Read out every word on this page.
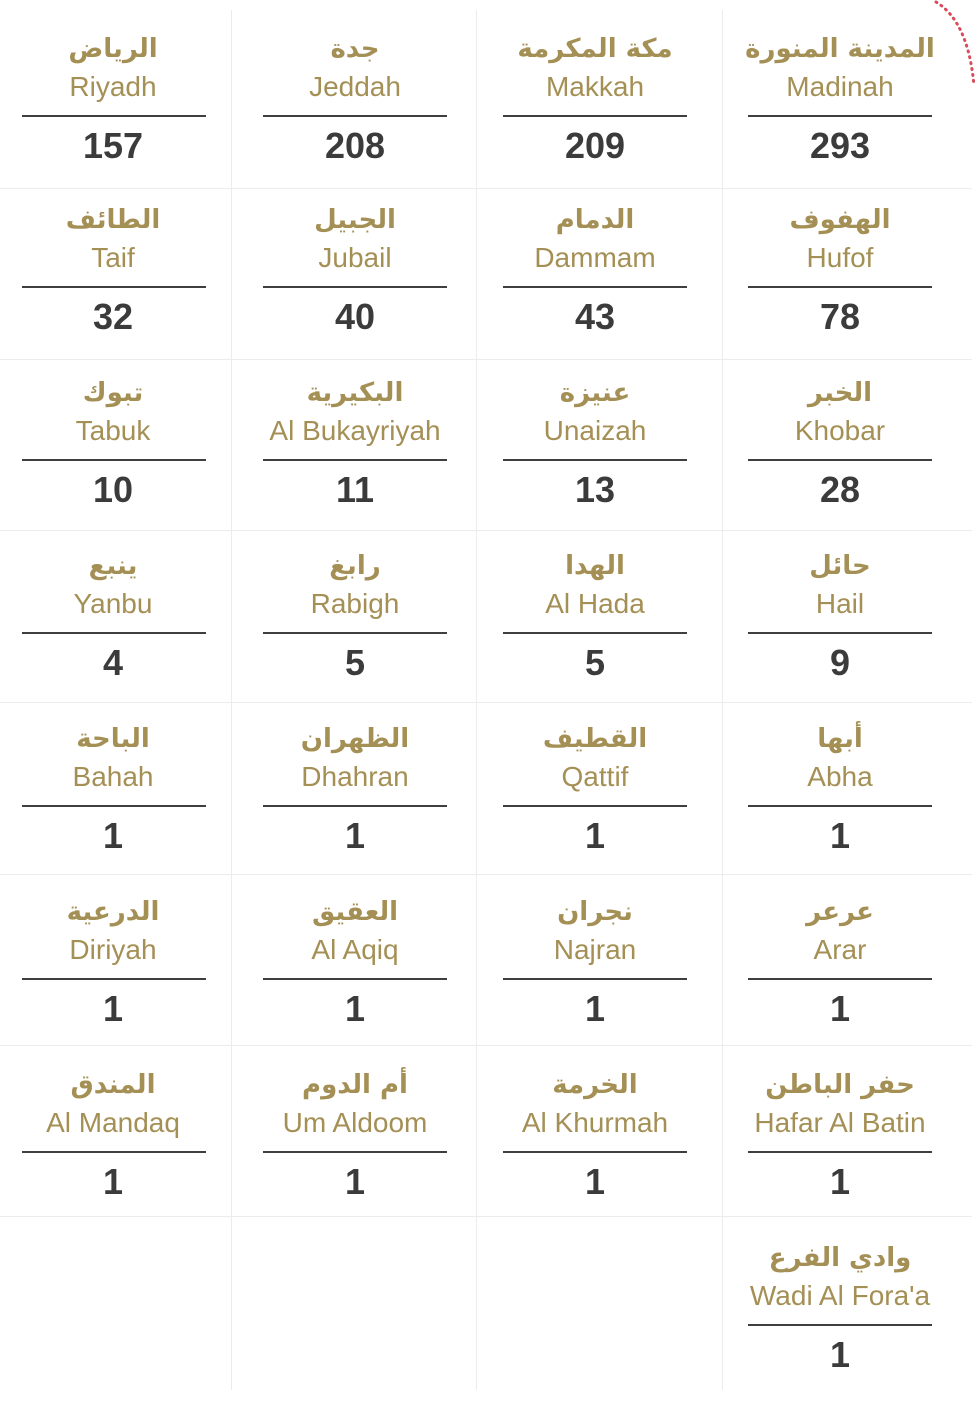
المدينة المنورة
Madinah
293
مكة المكرمة
Makkah
209
جدة
Jeddah
208
الرياض
Riyadh
157
الهفوف
Hufof
78
الدمام
Dammam
43
الجبيل
Jubail
40
الطائف
Taif
32
الخبر
Khobar
28
عنيزة
Unaizah
13
البكيرية
Al Bukayriyah
11
تبوك
Tabuk
10
حائل
Hail
9
الهدا
Al Hada
5
رابغ
Rabigh
5
ينبع
Yanbu
4
أبها
Abha
1
القطيف
Qattif
1
الظهران
Dhahran
1
الباحة
Bahah
1
عرعر
Arar
1
نجران
Najran
1
العقيق
Al Aqiq
1
الدرعية
Diriyah
1
حفر الباطن
Hafar Al Batin
1
الخرمة
Al Khurmah
1
أم الدوم
Um Aldoom
1
المندق
Al Mandaq
1
وادي الفرع
Wadi Al Fora'a
1
